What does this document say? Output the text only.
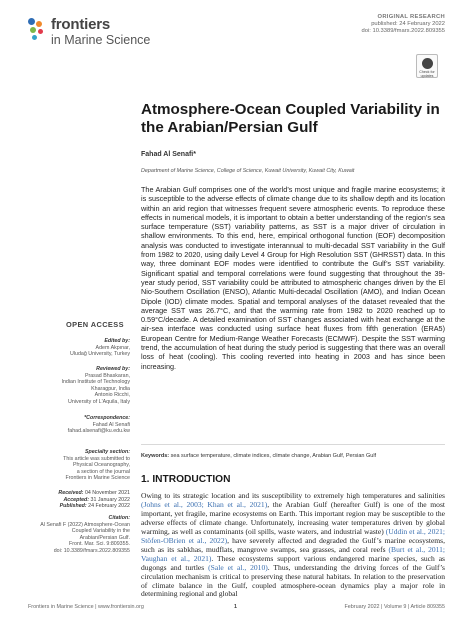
frontiers
in Marine Science
ORIGINAL RESEARCH
published: 24 February 2022
doi: 10.3389/fmars.2022.809355
Check for updates
Atmosphere-Ocean Coupled Variability in the Arabian/Persian Gulf
Fahad Al Senafi*
Department of Marine Science, College of Science, Kuwait University, Kuwait City, Kuwait
The Arabian Gulf comprises one of the world’s most unique and fragile marine ecosystems; it is susceptible to the adverse effects of climate change due to its shallow depth and its location within an arid region that witnesses frequent severe atmospheric events. To reproduce these effects in numerical models, it is important to obtain a better understanding of the region’s sea surface temperature (SST) variability patterns, as SST is a major driver of circulation in shallow environments. To this end, here, empirical orthogonal function (EOF) decomposition analysis was conducted to investigate interannual to multi-decadal SST variability in the Gulf from 1982 to 2020, using daily Level 4 Group for High Resolution SST (GHRSST) data. In this way, three dominant EOF modes were identified to contribute the Gulf’s SST variability. Significant spatial and temporal correlations were found suggesting that throughout the 39-year study period, SST variability could be attributed to atmospheric changes driven by the El Nio-Southern Oscillation (ENSO), Atlantic Multi-decadal Oscillation (AMO), and Indian Ocean Dipole (IOD) climate modes. Spatial and temporal analyses of the dataset revealed that the average SST was 26.7°C, and that the warming rate from 1982 to 2020 reached up to 0.59°C/decade. A detailed examination of SST changes associated with heat exchange at the air-sea interface was conducted using surface heat fluxes from fifth generation (ERA5) European Centre for Medium-Range Weather Forecasts (ECMWF). Despite the SST warming trend, the accumulation of heat during the study period is suggesting that there was an overall loss of heat (cooling). This cooling reverted into heating in 2003 and has since been increasing.
Keywords: sea surface temperature, climate indices, climate change, Arabian Gulf, Persian Gulf
OPEN ACCESS
Edited by:
Adem Akpınar,
Uludağ University, Turkey
Reviewed by:
Prasad Bhaskaran,
Indian Institute of Technology
Kharagpur, India
Antonio Ricchi,
University of L'Aquila, Italy
*Correspondence:
Fahad Al Senafi
fahad.alsenafi@ku.edu.kw
Specialty section:
This article was submitted to
Physical Oceanography,
a section of the journal
Frontiers in Marine Science
Received: 04 November 2021
Accepted: 31 January 2022
Published: 24 February 2022
Citation:
Al Senafi F (2022) Atmosphere-Ocean
Coupled Variability in the
Arabian/Persian Gulf.
Front. Mar. Sci. 9:809355.
doi: 10.3389/fmars.2022.809355
1. INTRODUCTION
Owing to its strategic location and its susceptibility to extremely high temperatures and salinities (Johns et al., 2003; Khan et al., 2021), the Arabian Gulf (hereafter Gulf) is one of the most important, yet fragile, marine ecosystems on Earth. This important region may be susceptible to the adverse effects of climate change. Unfortunately, increasing water temperatures driven by global warming, as well as contaminants (oil spills, waste waters, and industrial waste) (Uddin et al., 2021; Stöfen-OBrien et al., 2022), have severely affected and degraded the Gulf’s marine ecosystems, such as its sabkhas, mudflats, mangrove swamps, sea grasses, and coral reefs (Burt et al., 2011; Vaughan et al., 2021). These ecosystems support various endangered marine species, such as dugongs and turtles (Sale et al., 2010). Thus, understanding the driving forces of the Gulf’s circulation mechanism is critical to preserving these natural habitats. In relation to the preservation of climate balance in the Gulf, coupled atmosphere-ocean dynamics play a major role in determining regional and global
Frontiers in Marine Science | www.frontiersin.org	1	February 2022 | Volume 9 | Article 809355
